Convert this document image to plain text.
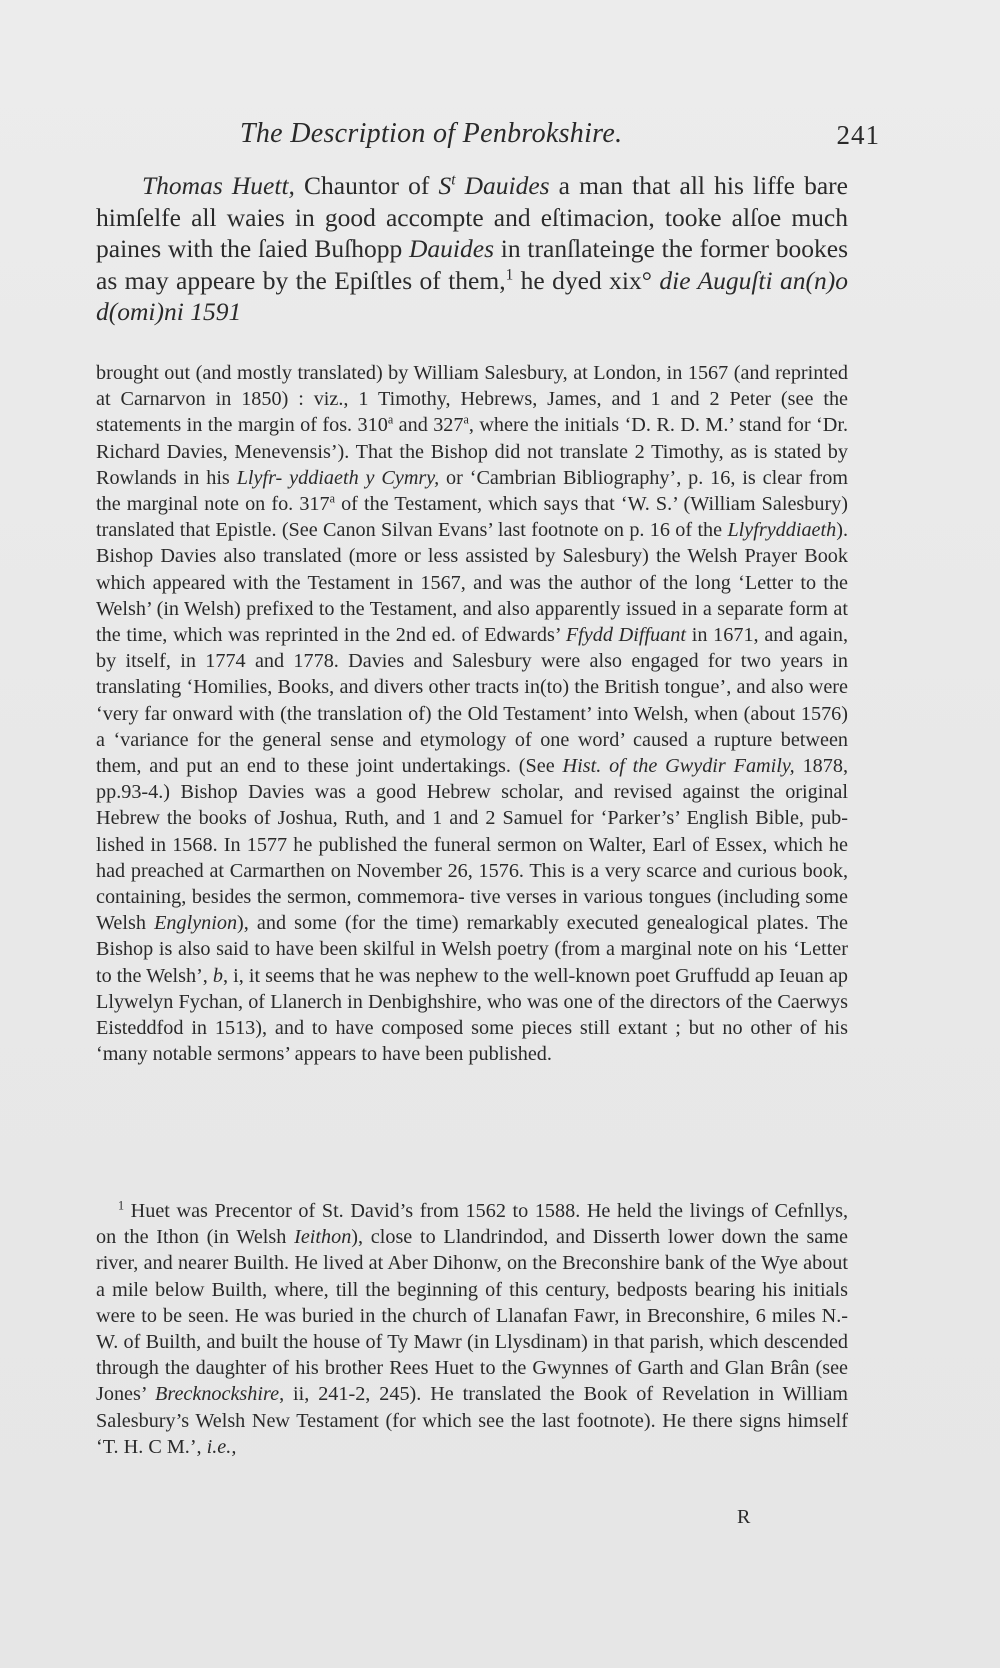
The Description of Penbrokshire.	241

Thomas Huett, Chauntor of $S^t$ Dauides a man that all his liffe bare himſelfe all waies in good accompte and eſtimacion, tooke alſoe much paines with the ſaied Buſhopp Dauides in tranſlateinge the former bookes as may appeare by the Epiſtles of them,$^1$ he dyed xix° die Auguſti an(n)o d(omi)ni 1591

brought out (and mostly translated) by William Salesbury, at London, in 1567 (and reprinted at Carnarvon in 1850) : viz., 1 Timothy, Hebrews, James, and 1 and 2 Peter (see the statements in the margin of fos. 310$^a$ and 327$^a$, where the initials ‘D. R. D. M.’ stand for ‘Dr. Richard Davies, Menevensis’). That the Bishop did not translate 2 Timothy, as is stated by Rowlands in his Llyfr- yddiaeth y Cymry, or ‘Cambrian Bibliography’, p. 16, is clear from the marginal note on fo. 317$^a$ of the Testament, which says that ‘W. S.’ (William Salesbury) translated that Epistle. (See Canon Silvan Evans’ last footnote on p. 16 of the Llyfryddiaeth). Bishop Davies also translated (more or less assisted by Salesbury) the Welsh Prayer Book which appeared with the Testament in 1567, and was the author of the long ‘Letter to the Welsh’ (in Welsh) prefixed to the Testament, and also apparently issued in a separate form at the time, which was reprinted in the 2nd ed. of Edwards’ Ffydd Diffuant in 1671, and again, by itself, in 1774 and 1778. Davies and Salesbury were also engaged for two years in translating ‘Homilies, Books, and divers other tracts in(to) the British tongue’, and also were ‘very far onward with (the translation of) the Old Testament’ into Welsh, when (about 1576) a ‘variance for the general sense and etymology of one word’ caused a rupture between them, and put an end to these joint undertakings. (See Hist. of the Gwydir Family, 1878, pp.93-4.) Bishop Davies was a good Hebrew scholar, and revised against the original Hebrew the books of Joshua, Ruth, and 1 and 2 Samuel for ‘Parker’s’ English Bible, pub- lished in 1568. In 1577 he published the funeral sermon on Walter, Earl of Essex, which he had preached at Carmarthen on November 26, 1576. This is a very scarce and curious book, containing, besides the sermon, commemora- tive verses in various tongues (including some Welsh Englynion), and some (for the time) remarkably executed genealogical plates. The Bishop is also said to have been skilful in Welsh poetry (from a marginal note on his ‘Letter to the Welsh’, b, i, it seems that he was nephew to the well-known poet Gruffudd ap Ieuan ap Llywelyn Fychan, of Llanerch in Denbighshire, who was one of the directors of the Caerwys Eisteddfod in 1513), and to have composed some pieces still extant ; but no other of his ‘many notable sermons’ appears to have been published.

$^1$ Huet was Precentor of St. David’s from 1562 to 1588. He held the livings of Cefnllys, on the Ithon (in Welsh Ieithon), close to Llandrindod, and Disserth lower down the same river, and nearer Builth. He lived at Aber Dihonw, on the Breconshire bank of the Wye about a mile below Builth, where, till the beginning of this century, bedposts bearing his initials were to be seen. He was buried in the church of Llanafan Fawr, in Breconshire, 6 miles N.-W. of Builth, and built the house of Ty Mawr (in Llysdinam) in that parish, which descended through the daughter of his brother Rees Huet to the Gwynnes of Garth and Glan Brân (see Jones’ Brecknockshire, ii, 241-2, 245). He translated the Book of Revelation in William Salesbury’s Welsh New Testament (for which see the last footnote). He there signs himself ‘T. H. C M.’, i.e.,

R
